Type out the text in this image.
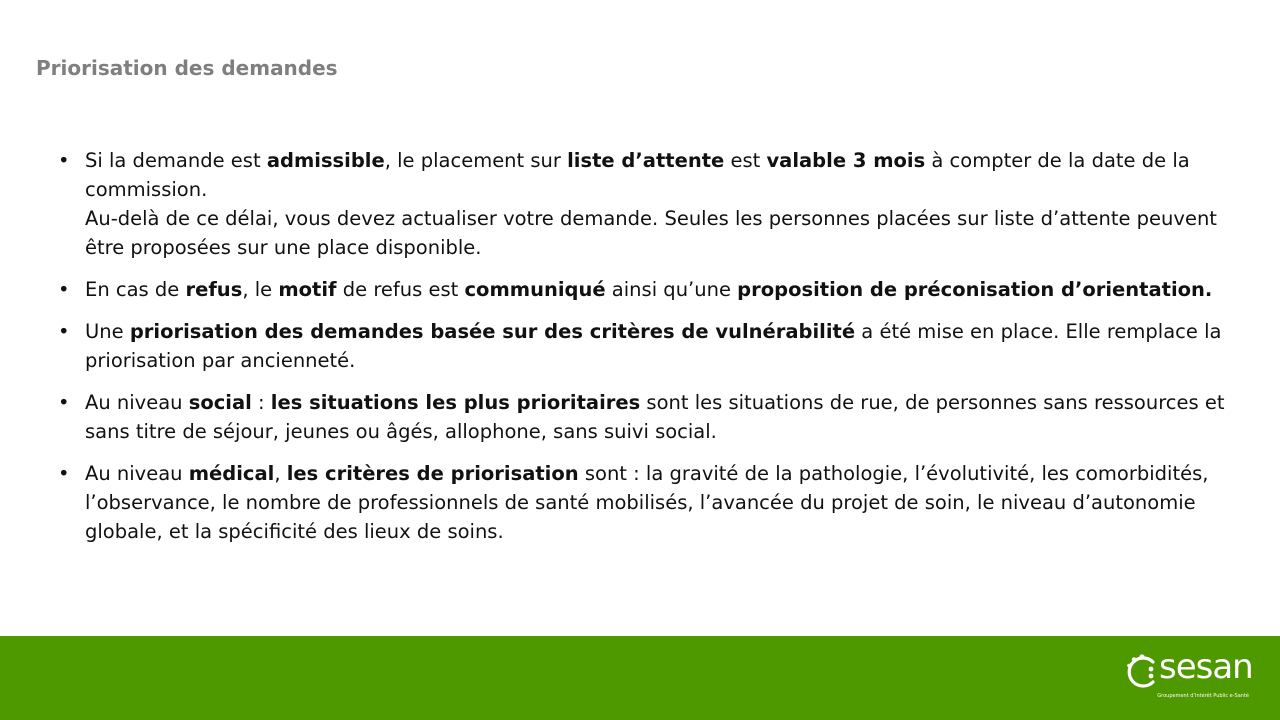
Priorisation des demandes
• Si la demande est admissible, le placement sur liste d’attente est valable 3 mois à compter de la date de la commission.
Au-delà de ce délai, vous devez actualiser votre demande. Seules les personnes placées sur liste d’attente peuvent être proposées sur une place disponible.
• En cas de refus, le motif de refus est communiqué ainsi qu’une proposition de préconisation d’orientation.
• Une priorisation des demandes basée sur des critères de vulnérabilité a été mise en place. Elle remplace la priorisation par ancienneté.
• Au niveau social : les situations les plus prioritaires sont les situations de rue, de personnes sans ressources et sans titre de séjour, jeunes ou âgés, allophone, sans suivi social.
• Au niveau médical, les critères de priorisation sont : la gravité de la pathologie, l’évolutivité, les comorbidités, l’observance, le nombre de professionnels de santé mobilisés, l’avancée du projet de soin, le niveau d’autonomie globale, et la spécificité des lieux de soins.
sesan
Groupement d’Intérêt Public e-Santé
